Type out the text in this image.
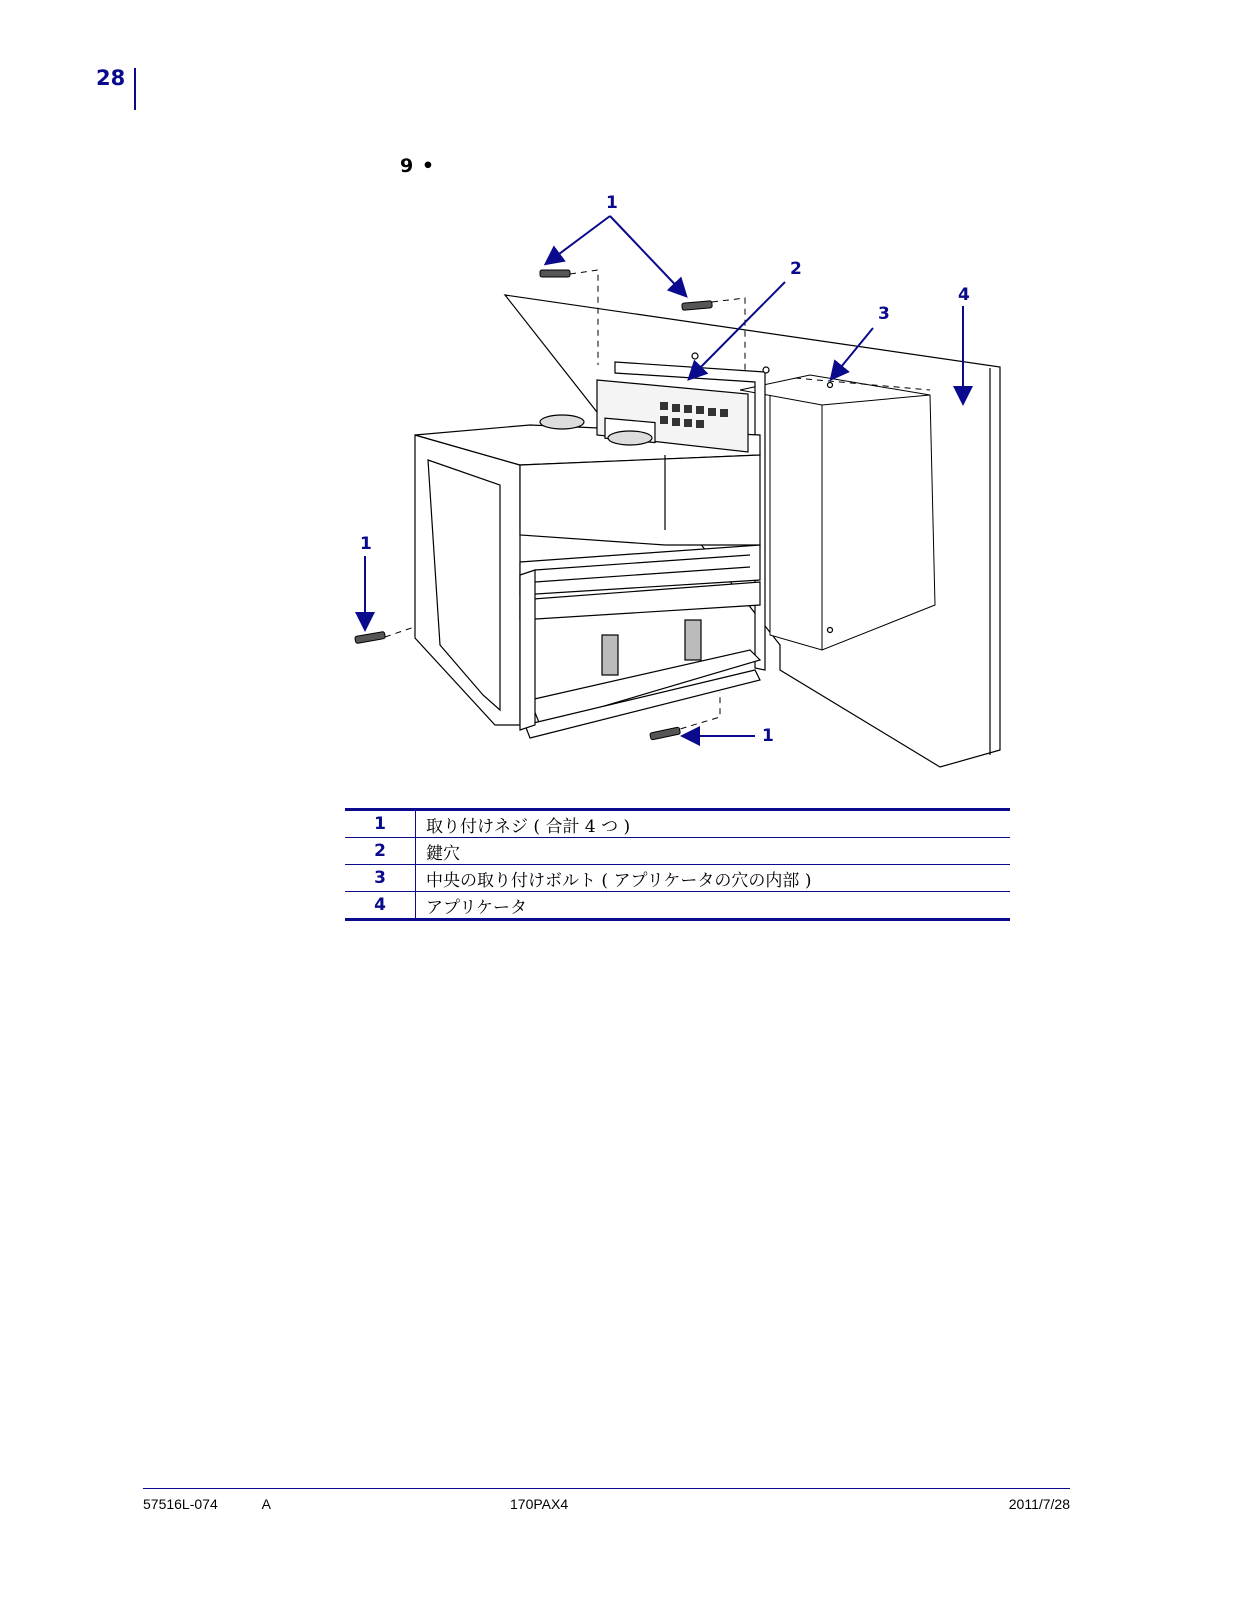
28
9 •
1
2
3
4
1
1
1	取り付けネジ ( 合計 4 つ )
2	鍵穴
3	中央の取り付けボルト ( アプリケータの穴の内部 )
4	アプリケータ
57516L-074	A	170PAX4	2011/7/28
